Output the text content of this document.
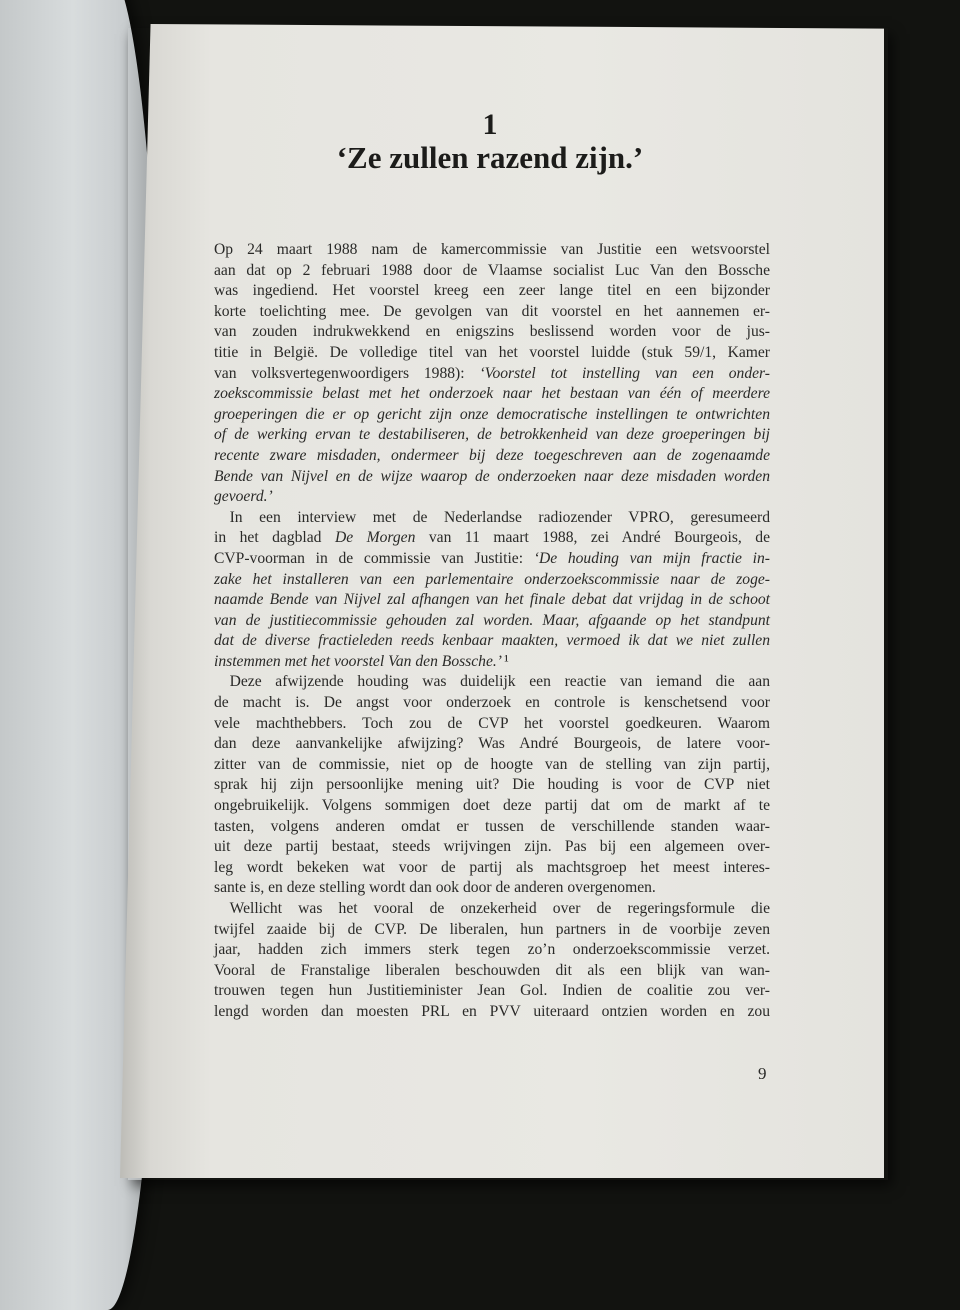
1
‘Ze zullen razend zijn.’
Op 24 maart 1988 nam de kamercommissie van Justitie een wetsvoorstel
aan dat op 2 februari 1988 door de Vlaamse socialist Luc Van den Bossche
was ingediend. Het voorstel kreeg een zeer lange titel en een bijzonder
korte toelichting mee. De gevolgen van dit voorstel en het aannemen er-
van zouden indrukwekkend en enigszins beslissend worden voor de jus-
titie in België. De volledige titel van het voorstel luidde (stuk 59/1, Kamer
van volksvertegenwoordigers 1988): ‘Voorstel tot instelling van een onder-
zoekscommissie belast met het onderzoek naar het bestaan van één of meerdere
groeperingen die er op gericht zijn onze democratische instellingen te ontwrichten
of de werking ervan te destabiliseren, de betrokkenheid van deze groeperingen bij
recente zware misdaden, ondermeer bij deze toegeschreven aan de zogenaamde
Bende van Nijvel en de wijze waarop de onderzoeken naar deze misdaden worden
gevoerd.’
 In een interview met de Nederlandse radiozender VPRO, geresumeerd
in het dagblad De Morgen van 11 maart 1988, zei André Bourgeois, de
CVP-voorman in de commissie van Justitie: ‘De houding van mijn fractie in-
zake het installeren van een parlementaire onderzoekscommissie naar de zoge-
naamde Bende van Nijvel zal afhangen van het finale debat dat vrijdag in de schoot
van de justitiecommissie gehouden zal worden. Maar, afgaande op het standpunt
dat de diverse fractieleden reeds kenbaar maakten, vermoed ik dat we niet zullen
instemmen met het voorstel Van den Bossche.’ ¹
 Deze afwijzende houding was duidelijk een reactie van iemand die aan
de macht is. De angst voor onderzoek en controle is kenschetsend voor
vele machthebbers. Toch zou de CVP het voorstel goedkeuren. Waarom
dan deze aanvankelijke afwijzing? Was André Bourgeois, de latere voor-
zitter van de commissie, niet op de hoogte van de stelling van zijn partij,
sprak hij zijn persoonlijke mening uit? Die houding is voor de CVP niet
ongebruikelijk. Volgens sommigen doet deze partij dat om de markt af te
tasten, volgens anderen omdat er tussen de verschillende standen waar-
uit deze partij bestaat, steeds wrijvingen zijn. Pas bij een algemeen over-
leg wordt bekeken wat voor de partij als machtsgroep het meest interes-
sante is, en deze stelling wordt dan ook door de anderen overgenomen.
 Wellicht was het vooral de onzekerheid over de regeringsformule die
twijfel zaaide bij de CVP. De liberalen, hun partners in de voorbije zeven
jaar, hadden zich immers sterk tegen zo’n onderzoekscommissie verzet.
Vooral de Franstalige liberalen beschouwden dit als een blijk van wan-
trouwen tegen hun Justitieminister Jean Gol. Indien de coalitie zou ver-
lengd worden dan moesten PRL en PVV uiteraard ontzien worden en zou
9
